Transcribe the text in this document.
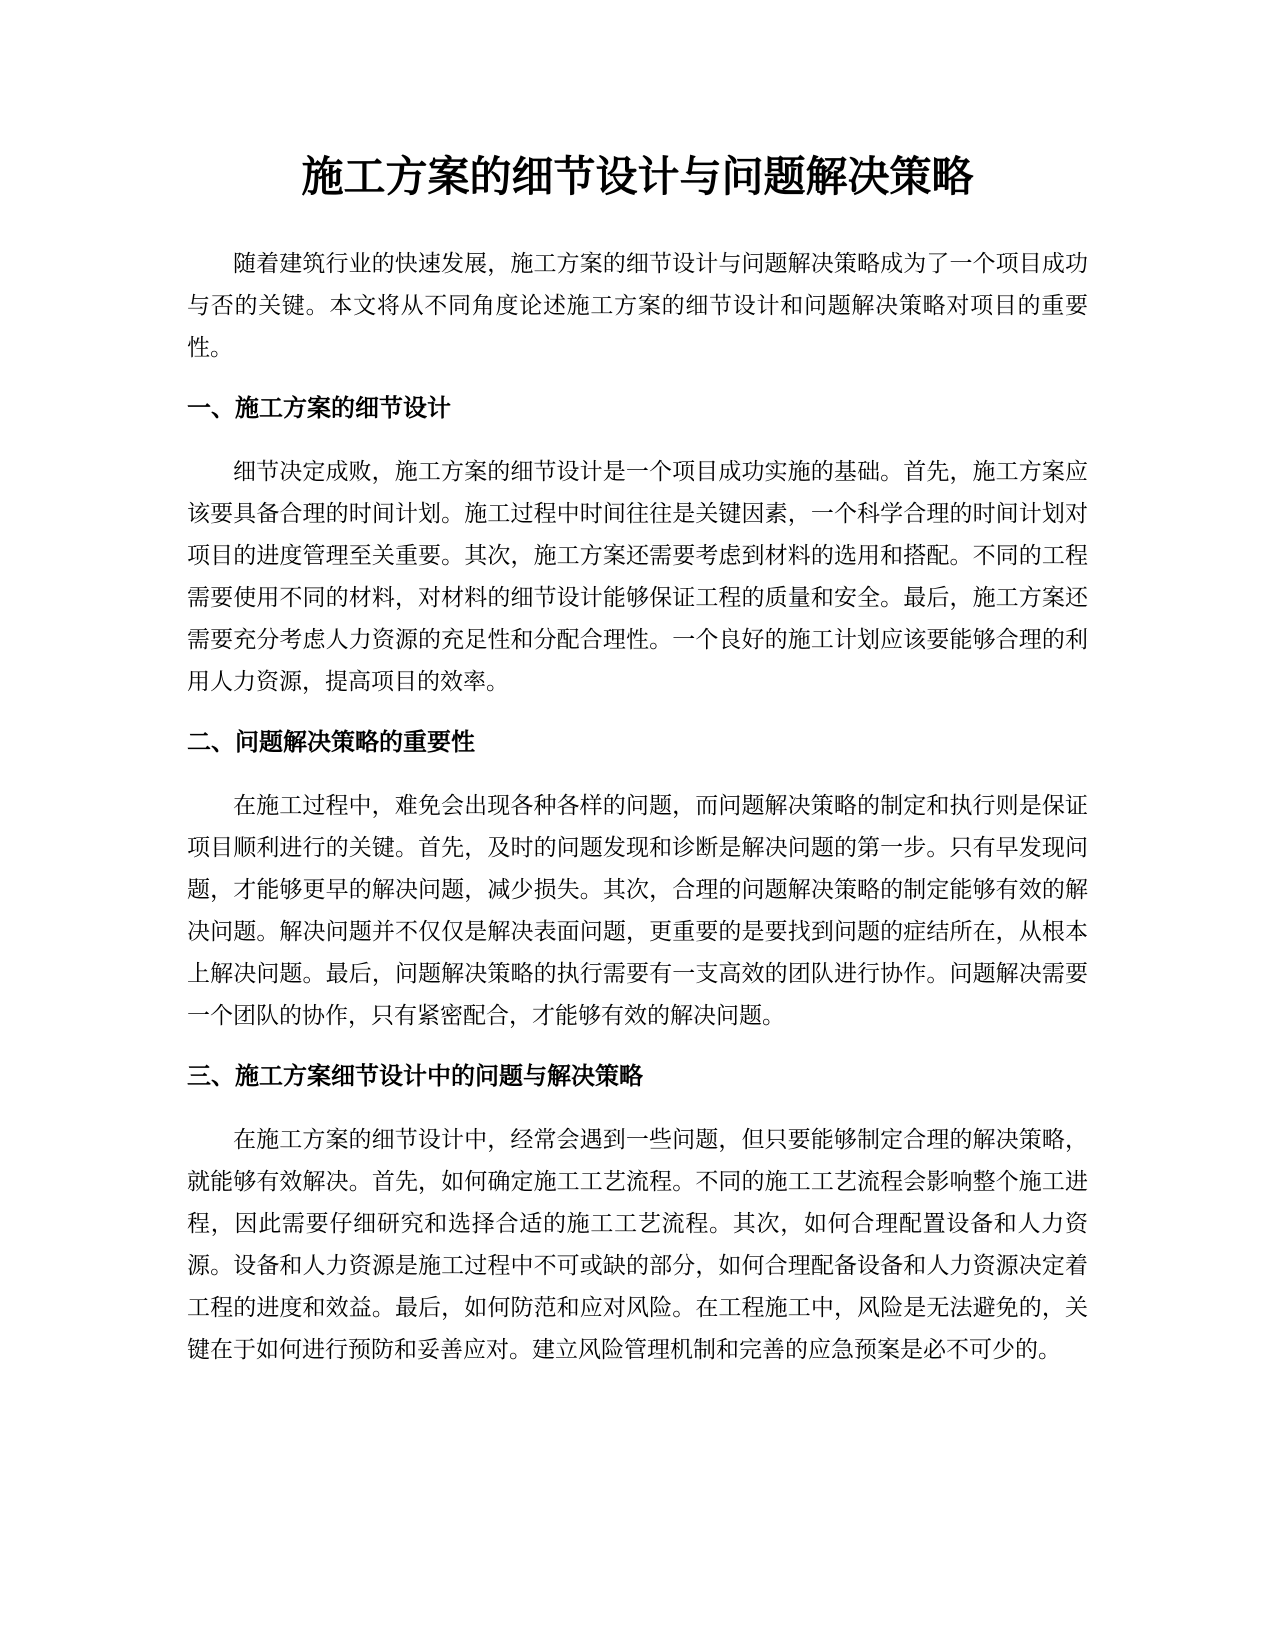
施工方案的细节设计与问题解决策略

随着建筑行业的快速发展，施工方案的细节设计与问题解决策略成为了一个项目成功与否的关键。本文将从不同角度论述施工方案的细节设计和问题解决策略对项目的重要性。

一、施工方案的细节设计

细节决定成败，施工方案的细节设计是一个项目成功实施的基础。首先，施工方案应该要具备合理的时间计划。施工过程中时间往往是关键因素，一个科学合理的时间计划对项目的进度管理至关重要。其次，施工方案还需要考虑到材料的选用和搭配。不同的工程需要使用不同的材料，对材料的细节设计能够保证工程的质量和安全。最后，施工方案还需要充分考虑人力资源的充足性和分配合理性。一个良好的施工计划应该要能够合理的利用人力资源，提高项目的效率。

二、问题解决策略的重要性

在施工过程中，难免会出现各种各样的问题，而问题解决策略的制定和执行则是保证项目顺利进行的关键。首先，及时的问题发现和诊断是解决问题的第一步。只有早发现问题，才能够更早的解决问题，减少损失。其次，合理的问题解决策略的制定能够有效的解决问题。解决问题并不仅仅是解决表面问题，更重要的是要找到问题的症结所在，从根本上解决问题。最后，问题解决策略的执行需要有一支高效的团队进行协作。问题解决需要一个团队的协作，只有紧密配合，才能够有效的解决问题。

三、施工方案细节设计中的问题与解决策略

在施工方案的细节设计中，经常会遇到一些问题，但只要能够制定合理的解决策略，就能够有效解决。首先，如何确定施工工艺流程。不同的施工工艺流程会影响整个施工进程，因此需要仔细研究和选择合适的施工工艺流程。其次，如何合理配置设备和人力资源。设备和人力资源是施工过程中不可或缺的部分，如何合理配备设备和人力资源决定着工程的进度和效益。最后，如何防范和应对风险。在工程施工中，风险是无法避免的，关键在于如何进行预防和妥善应对。建立风险管理机制和完善的应急预案是必不可少的。
